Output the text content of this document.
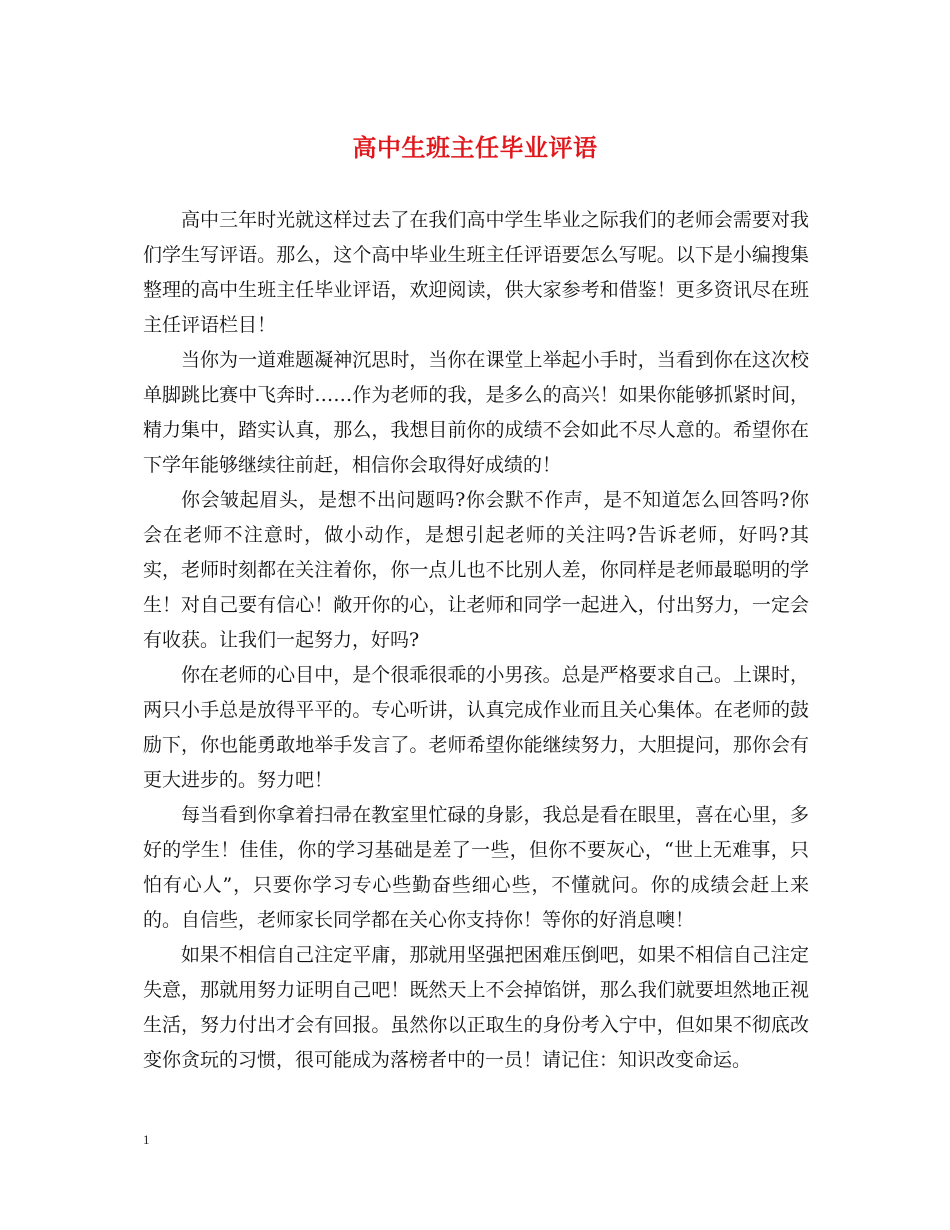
高中生班主任毕业评语

高中三年时光就这样过去了在我们高中学生毕业之际我们的老师会需要对我们学生写评语。那么，这个高中毕业生班主任评语要怎么写呢。以下是小编搜集整理的高中生班主任毕业评语，欢迎阅读，供大家参考和借鉴！更多资讯尽在班主任评语栏目！

当你为一道难题凝神沉思时，当你在课堂上举起小手时，当看到你在这次校单脚跳比赛中飞奔时……作为老师的我，是多么的高兴！如果你能够抓紧时间，精力集中，踏实认真，那么，我想目前你的成绩不会如此不尽人意的。希望你在下学年能够继续往前赶，相信你会取得好成绩的！

你会皱起眉头，是想不出问题吗?你会默不作声，是不知道怎么回答吗?你会在老师不注意时，做小动作，是想引起老师的关注吗?告诉老师，好吗?其实，老师时刻都在关注着你，你一点儿也不比别人差，你同样是老师最聪明的学生！对自己要有信心！敞开你的心，让老师和同学一起进入，付出努力，一定会有收获。让我们一起努力，好吗?

你在老师的心目中，是个很乖很乖的小男孩。总是严格要求自己。上课时，两只小手总是放得平平的。专心听讲，认真完成作业而且关心集体。在老师的鼓励下，你也能勇敢地举手发言了。老师希望你能继续努力，大胆提问，那你会有更大进步的。努力吧！

每当看到你拿着扫帚在教室里忙碌的身影，我总是看在眼里，喜在心里，多好的学生！佳佳，你的学习基础是差了一些，但你不要灰心，“世上无难事，只怕有心人”，只要你学习专心些勤奋些细心些，不懂就问。你的成绩会赶上来的。自信些，老师家长同学都在关心你支持你！等你的好消息噢！

如果不相信自己注定平庸，那就用坚强把困难压倒吧，如果不相信自己注定失意，那就用努力证明自己吧！既然天上不会掉馅饼，那么我们就要坦然地正视生活，努力付出才会有回报。虽然你以正取生的身份考入宁中，但如果不彻底改变你贪玩的习惯，很可能成为落榜者中的一员！请记住：知识改变命运。

1
